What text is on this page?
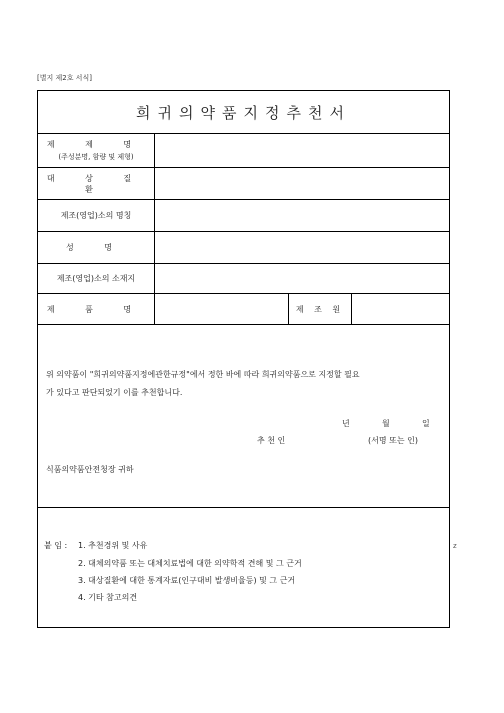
[별지 제2호 서식]
희귀의약품지정추천서
제 제 명
(주성분명, 함량 및 제형)
대 상 질 환
제조(영업)소의 명칭
성 명
제조(영업)소의 소재지
제 품 명	제 조 원
위 의약품이 "희귀의약품지정에관한규정"에서 정한 바에 따라 희귀의약품으로 지정할 필요
가 있다고 판단되었기 이를 추천합니다.
년	월	일
추 천 인	(서명 또는 인)
식품의약품안전청장 귀하
붙 임 : 1. 추천경위 및 사유
2. 대체의약품 또는 대체치료법에 대한 의약학적 견해 및 그 근거
3. 대상질환에 대한 통계자료(인구대비 발생비율등) 및 그 근거
4. 기타 참고의견
z
